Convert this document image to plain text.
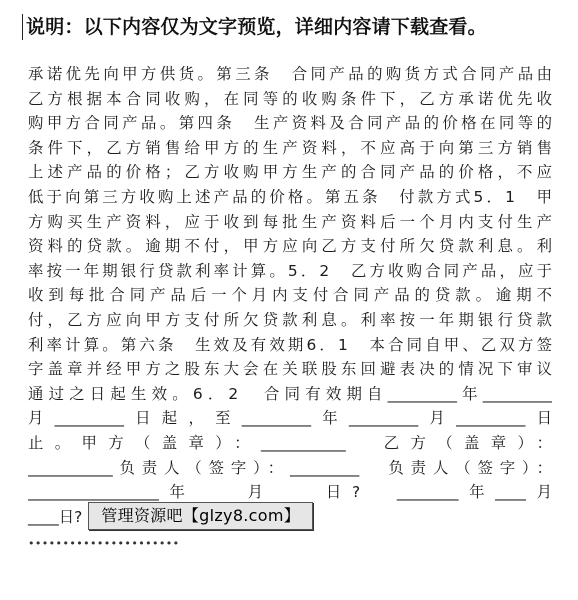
说明：以下内容仅为文字预览，详细内容请下载查看。
承诺优先向甲方供货。第三条　合同产品的购货方式合同产品由
乙方根据本合同收购，在同等的收购条件下，乙方承诺优先收
购甲方合同产品。第四条　生产资料及合同产品的价格在同等的
条件下，乙方销售给甲方的生产资料，不应高于向第三方销售
上述产品的价格；乙方收购甲方生产的合同产品的价格，不应
低于向第三方收购上述产品的价格。第五条　付款方式5．1　甲
方购买生产资料，应于收到每批生产资料后一个月内支付生产
资料的贷款。逾期不付，甲方应向乙方支付所欠贷款利息。利
率按一年期银行贷款利率计算。5．2　乙方收购合同产品，应于
收到每批合同产品后一个月内支付合同产品的贷款。逾期不
付，乙方应向甲方支付所欠贷款利息。利率按一年期银行贷款
利率计算。第六条　生效及有效期6．1　本合同自甲、乙双方签
字盖章并经甲方之股东大会在关联股东回避表决的情况下审议
通过之日起生效。6．2　合同有效期自_________年_________
月_________日起，至_________年_________月_________日
止。甲方（盖章）：___________　乙方（盖章）：
___________负责人（签字）：_________　负责人（签字）：
_________________年　　月　　日?　________年____月
____日? 管理资源吧【glzy8.com】
••••••••••••••••••••••
